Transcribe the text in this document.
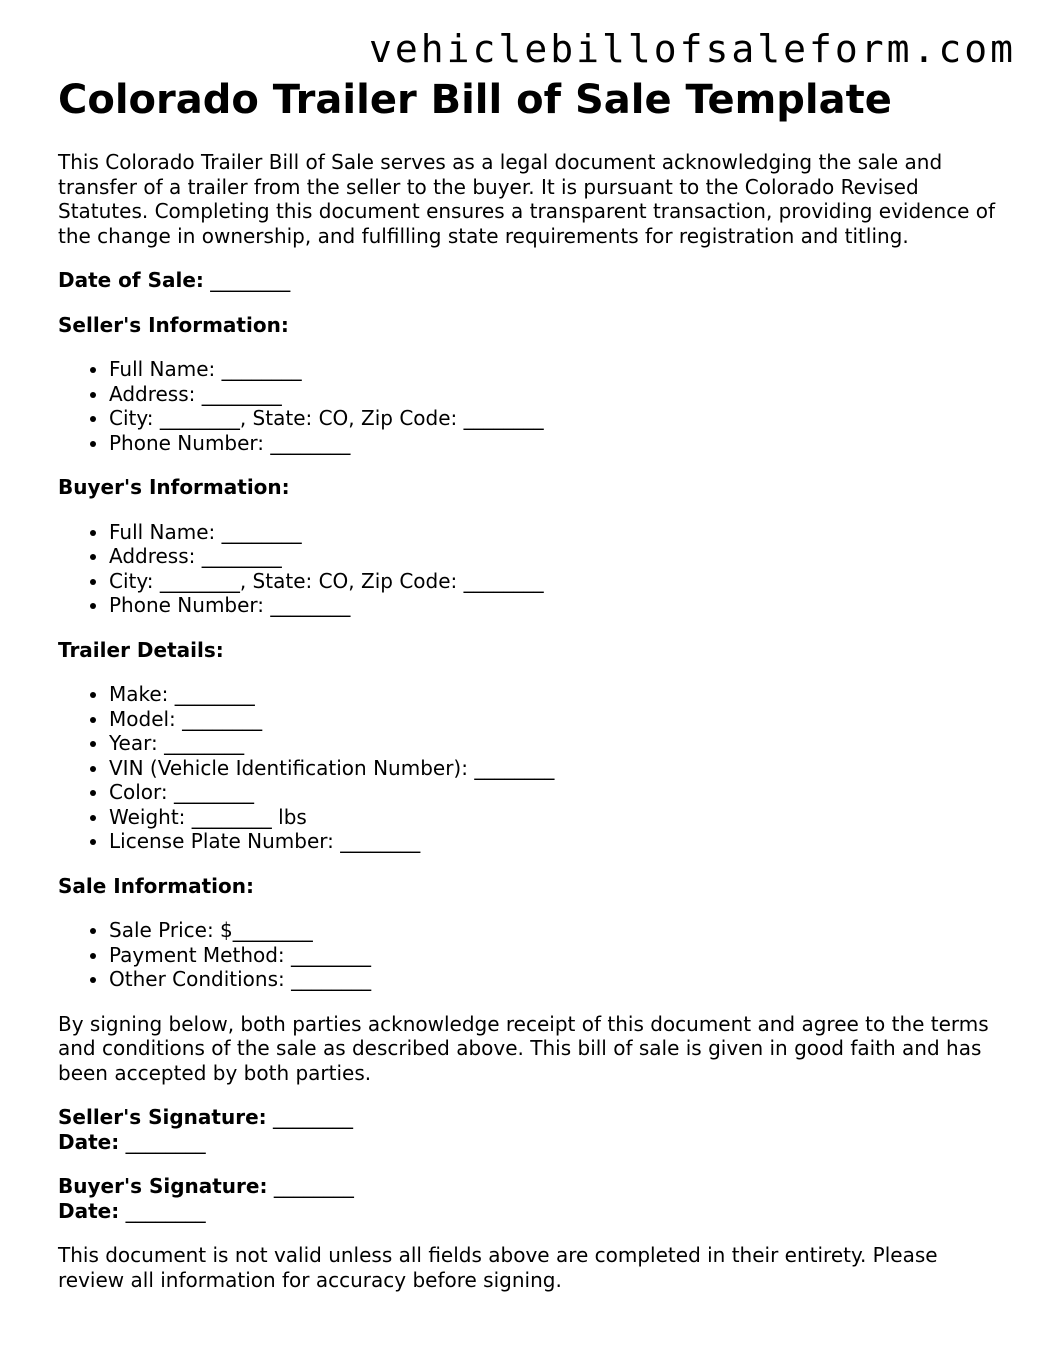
vehiclebillofsaleform.com
Colorado Trailer Bill of Sale Template

This Colorado Trailer Bill of Sale serves as a legal document acknowledging the sale and transfer of a trailer from the seller to the buyer. It is pursuant to the Colorado Revised Statutes. Completing this document ensures a transparent transaction, providing evidence of the change in ownership, and fulfilling state requirements for registration and titling.

Date of Sale: ________
Seller's Information:
• Full Name: ________
• Address: ________
• City: ________, State: CO, Zip Code: ________
• Phone Number: ________
Buyer's Information:
• Full Name: ________
• Address: ________
• City: ________, State: CO, Zip Code: ________
• Phone Number: ________
Trailer Details:
• Make: ________
• Model: ________
• Year: ________
• VIN (Vehicle Identification Number): ________
• Color: ________
• Weight: ________ lbs
• License Plate Number: ________
Sale Information:
• Sale Price: $________
• Payment Method: ________
• Other Conditions: ________

By signing below, both parties acknowledge receipt of this document and agree to the terms and conditions of the sale as described above. This bill of sale is given in good faith and has been accepted by both parties.

Seller's Signature: ________
Date: ________
Buyer's Signature: ________
Date: ________

This document is not valid unless all fields above are completed in their entirety. Please review all information for accuracy before signing.
